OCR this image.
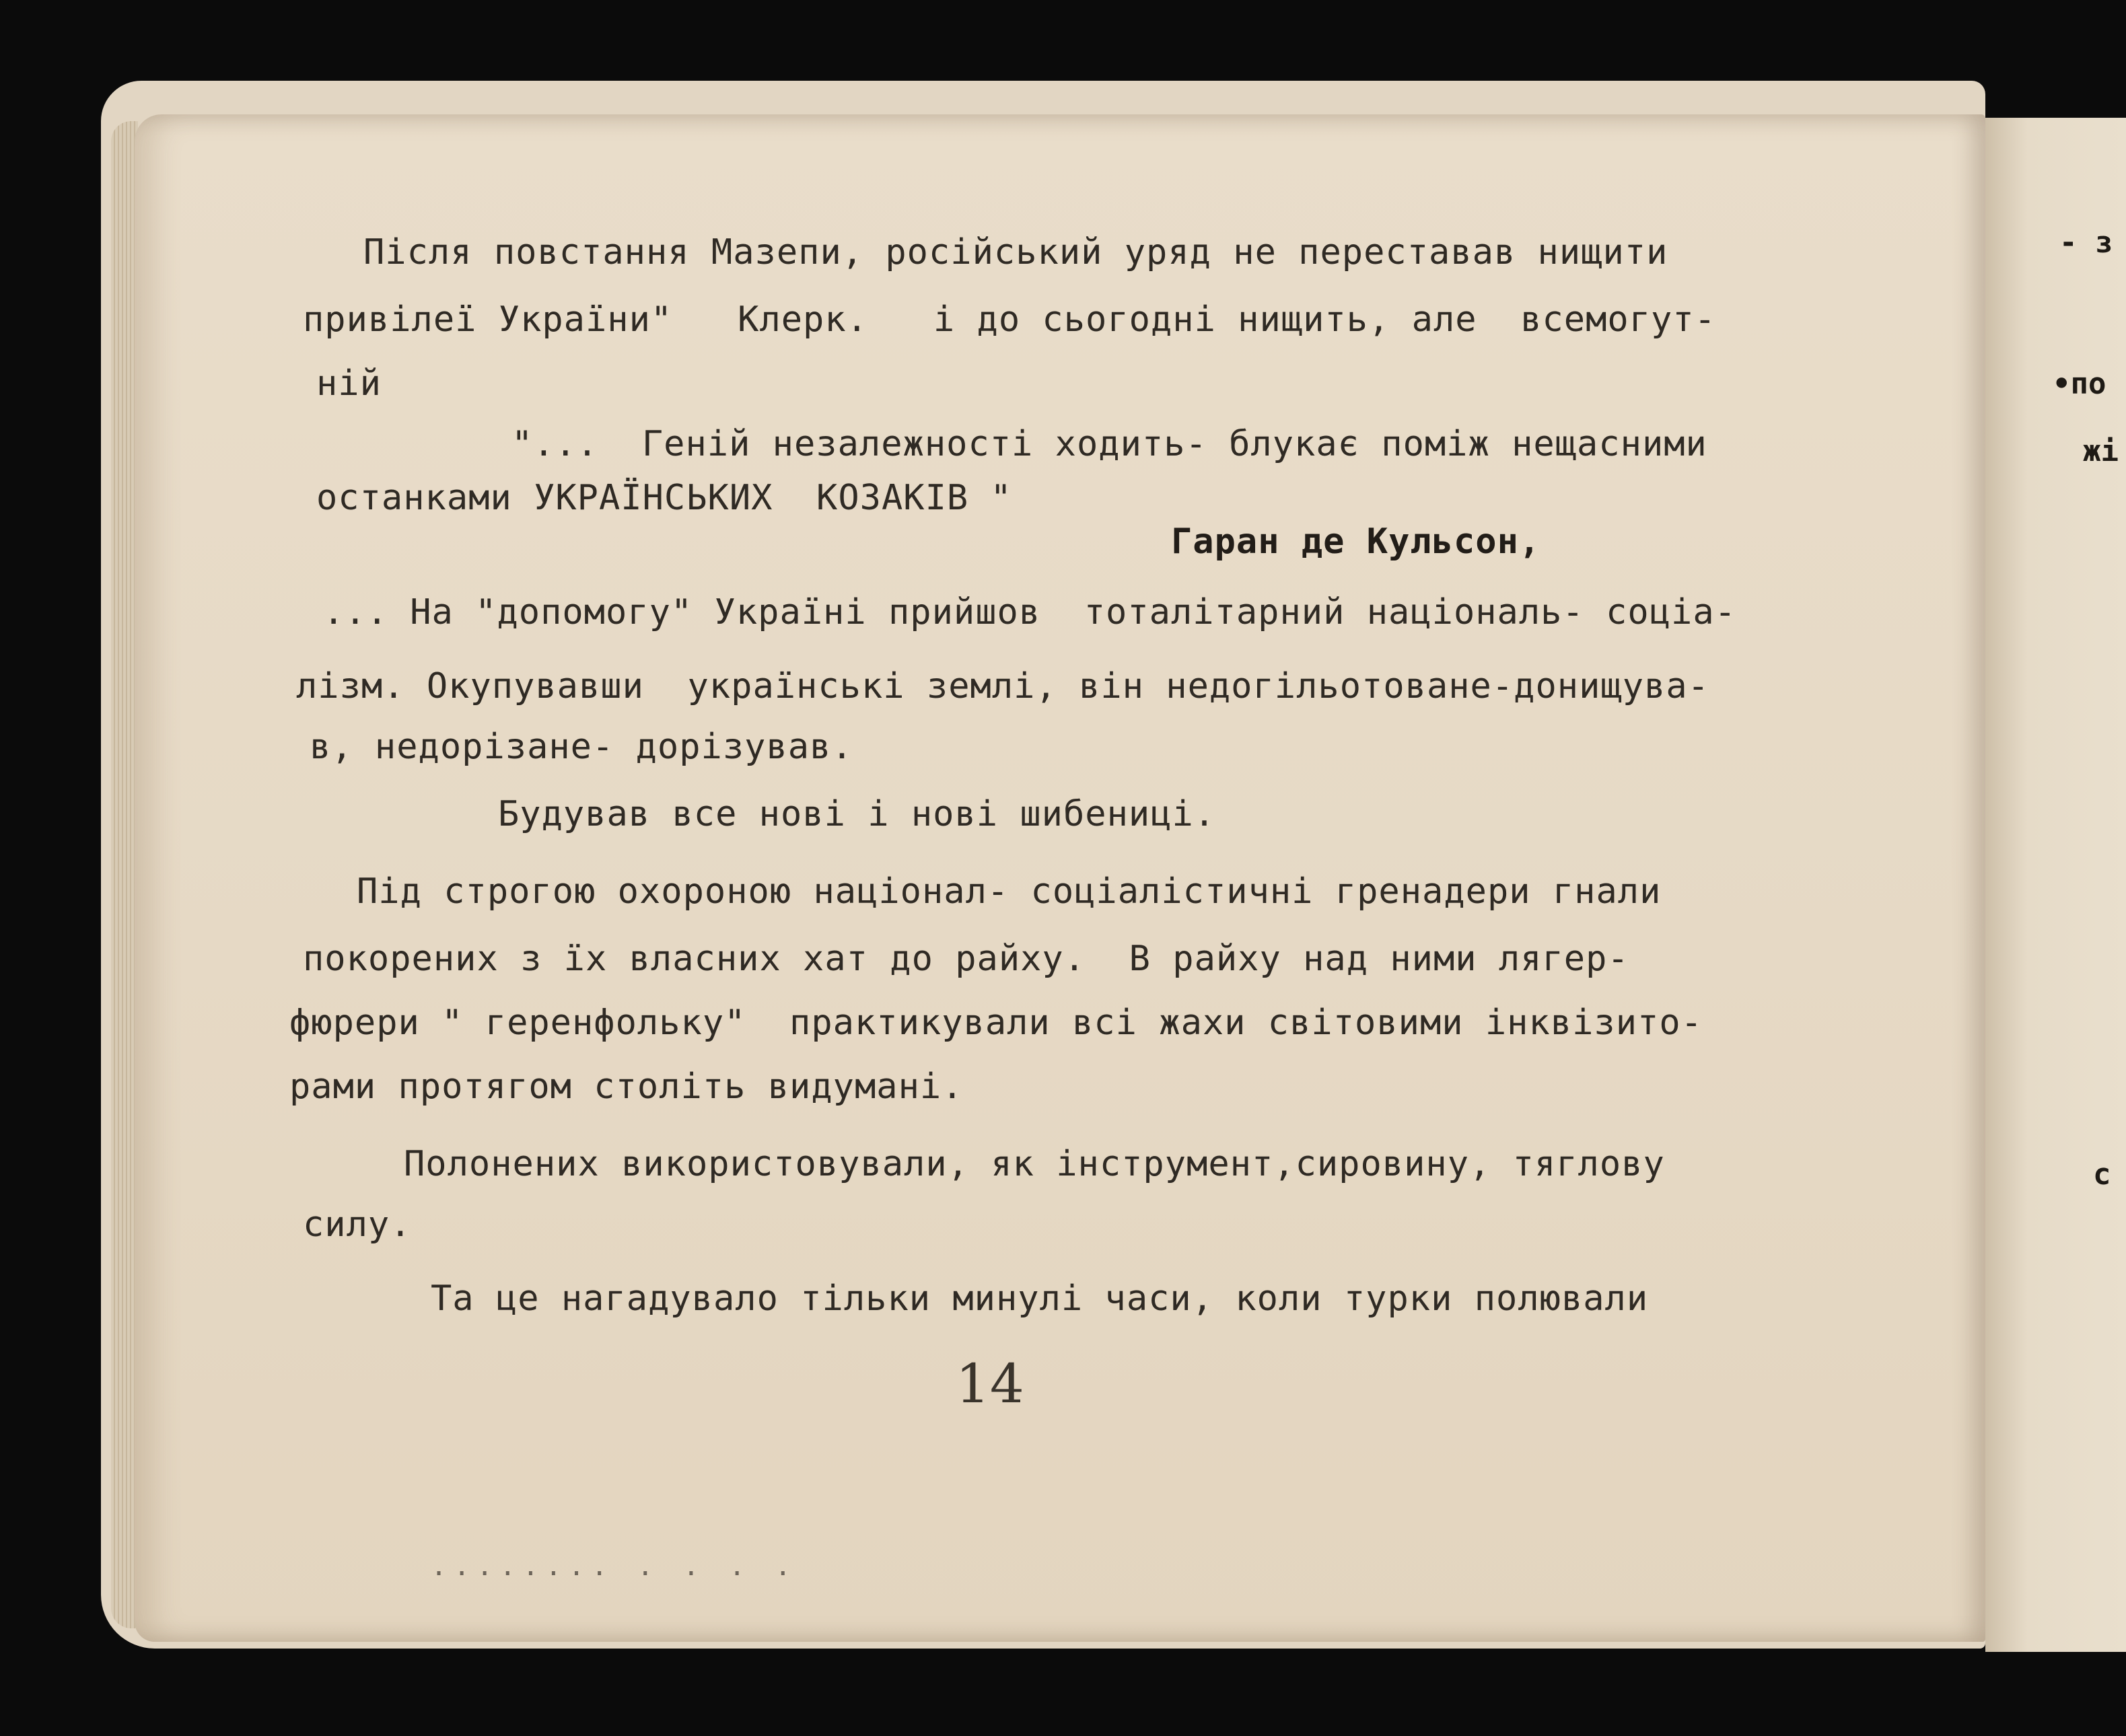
Після повстання Мазепи, російський уряд не переставав нищити

привілеї України"   Клерк.   і до сьогодні нищить, але  всемогут-

ній

"...  Геній незалежності ходить- блукає поміж нещасними

останками УКРАЇНСЬКИХ  КОЗАКІВ "

Гаран де Кульсон,

... На "допомогу" Україні прийшов  тоталітарний національ- соціа-

лізм. Окупувавши  українські землі, він недогільотоване-донищува-

в, недорізане- дорізував.

Будував все нові і нові шибениці.

Під строгою охороною націонал- соціалістичні гренадери гнали

покорених з їх власних хат до райху.  В райху над ними лягер-

фюрери " геренфольку"  практикували всі жахи світовими інквізито-

рами протягом століть видумані.

Полонених використовували, як інструмент,сировину, тяглову

силу.

Та це нагадувало тільки минулі часи, коли турки полювали

14
........ . . . .
- з
•по
жі
с
